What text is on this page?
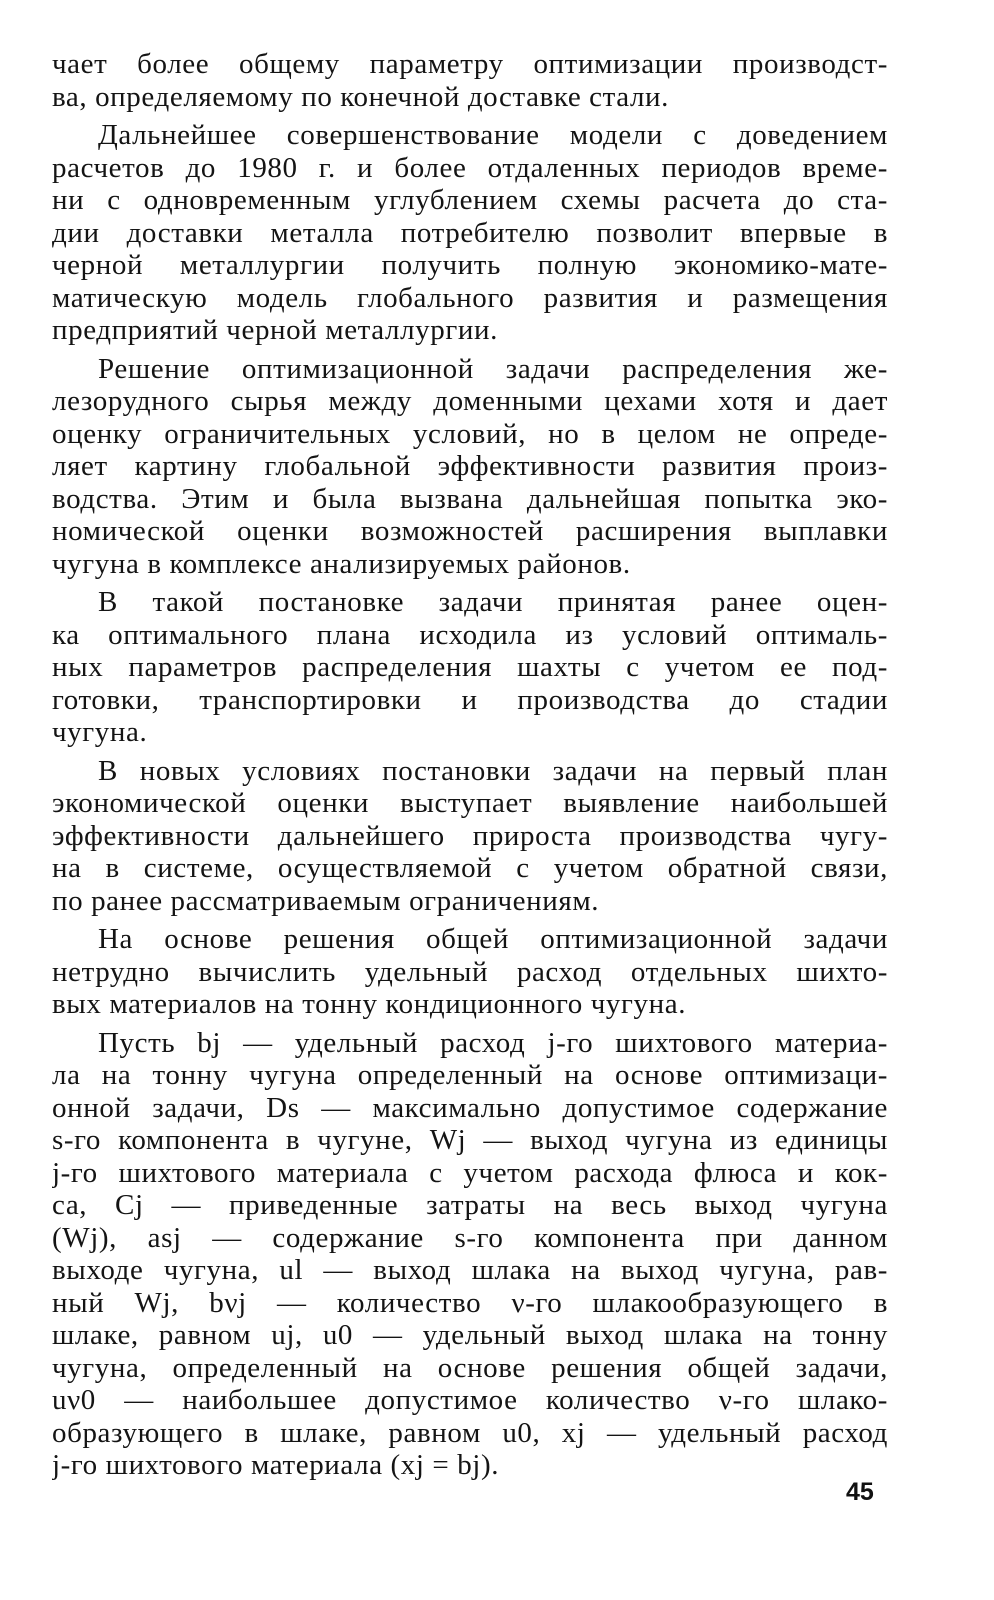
чает более общему параметру оптимизации производст-
ва, определяемому по конечной доставке стали.
Дальнейшее совершенствование модели с доведением
расчетов до 1980 г. и более отдаленных периодов време-
ни с одновременным углублением схемы расчета до ста-
дии доставки металла потребителю позволит впервые в
черной металлургии получить полную экономико-мате-
матическую модель глобального развития и размещения
предприятий черной металлургии.
Решение оптимизационной задачи распределения же-
лезорудного сырья между доменными цехами хотя и дает
оценку ограничительных условий, но в целом не опреде-
ляет картину глобальной эффективности развития произ-
водства. Этим и была вызвана дальнейшая попытка эко-
номической оценки возможностей расширения выплавки
чугуна в комплексе анализируемых районов.
В такой постановке задачи принятая ранее оцен-
ка оптимального плана исходила из условий оптималь-
ных параметров распределения шахты с учетом ее под-
готовки, транспортировки и производства до стадии
чугуна.
В новых условиях постановки задачи на первый план
экономической оценки выступает выявление наибольшей
эффективности дальнейшего прироста производства чугу-
на в системе, осуществляемой с учетом обратной связи,
по ранее рассматриваемым ограничениям.
На основе решения общей оптимизационной задачи
нетрудно вычислить удельный расход отдельных шихто-
вых материалов на тонну кондиционного чугуна.
Пусть bj — удельный расход j-го шихтового материа-
ла на тонну чугуна определенный на основе оптимизаци-
онной задачи, Ds — максимально допустимое содержание
s-го компонента в чугуне, Wj — выход чугуна из единицы
j-го шихтового материала с учетом расхода флюса и кок-
са, Cj — приведенные затраты на весь выход чугуна
(Wj), asj — содержание s-го компонента при данном
выходе чугуна, ul — выход шлака на выход чугуна, рав-
ный Wj, bνj — количество ν-го шлакообразующего в
шлаке, равном uj, u0 — удельный выход шлака на тонну
чугуна, определенный на основе решения общей задачи,
uν0 — наибольшее допустимое количество ν-го шлако-
образующего в шлаке, равном u0, xj — удельный расход
j-го шихтового материала (xj = bj).
45
